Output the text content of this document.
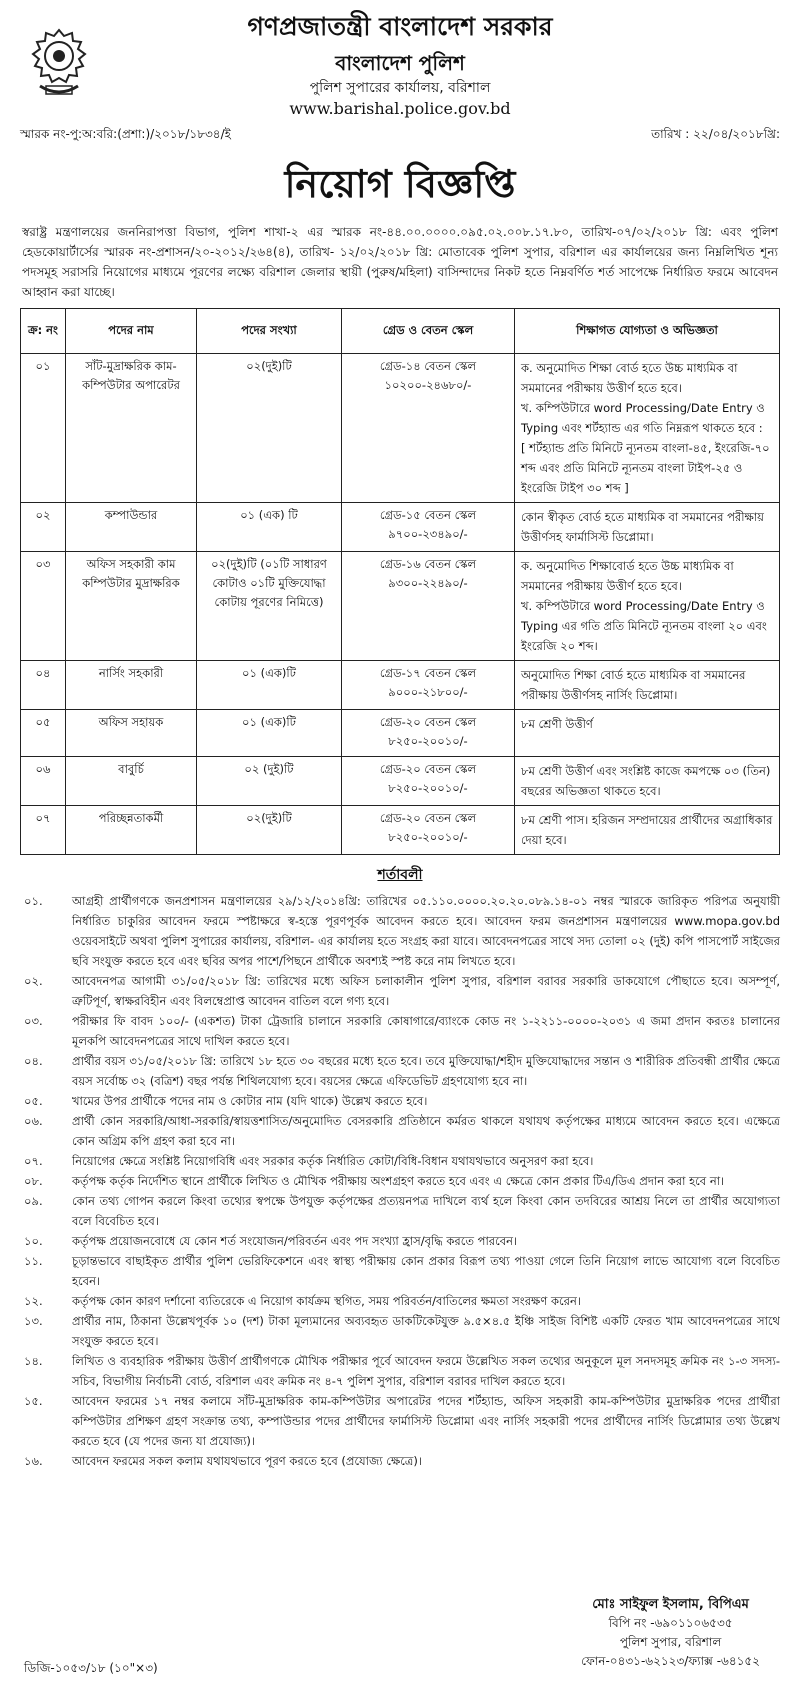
গণপ্রজাতন্ত্রী বাংলাদেশ সরকার
বাংলাদেশ পুলিশ
পুলিশ সুপারের কার্যালয়, বরিশাল
www.barishal.police.gov.bd
স্মারক নং-পু:অ:বরি:(প্রশা:)/২০১৮/১৮৩৪/ই	তারিখ : ২২/০৪/২০১৮খ্রি:
নিয়োগ বিজ্ঞপ্তি
স্বরাষ্ট্র মন্ত্রণালয়ের জননিরাপত্তা বিভাগ, পুলিশ শাখা-২ এর স্মারক নং-৪৪.০০.০০০০.০৯৫.০২.০০৮.১৭.৮০, তারিখ-০৭/০২/২০১৮ খ্রি: এবং পুলিশ হেডকোয়ার্টার্সের স্মারক নং-প্রশাসন/২০-২০১২/২৬৪(৪), তারিখ- ১২/০২/২০১৮ খ্রি: মোতাবেক পুলিশ সুপার, বরিশাল এর কার্যালয়ের জন্য নিম্নলিখিত শূন্য পদসমূহ সরাসরি নিয়োগের মাধ্যমে পূরণের লক্ষ্যে বরিশাল জেলার স্থায়ী (পুরুষ/মহিলা) বাসিন্দাদের নিকট হতে নিম্নবর্ণিত শর্ত সাপেক্ষে নির্ধারিত ফরমে আবেদন আহ্বান করা যাচ্ছে।
ক্র: নং	পদের নাম	পদের সংখ্যা	গ্রেড ও বেতন স্কেল	শিক্ষাগত যোগ্যতা ও অভিজ্ঞতা
০১	সাঁট-মুদ্রাক্ষরিক কাম-কম্পিউটার অপারেটর	০২(দুই)টি	গ্রেড-১৪ বেতন স্কেল ১০২০০-২৪৬৮০/-	ক. অনুমোদিত শিক্ষা বোর্ড হতে উচ্চ মাধ্যমিক বা সমমানের পরীক্ষায় উত্তীর্ণ হতে হবে।

খ. কম্পিউটারে word Processing/Date Entry ও Typing এবং শর্টহ্যান্ড এর গতি নিম্নরূপ থাকতে হবে :

[ শর্টহ্যান্ড প্রতি মিনিটে ন্যূনতম বাংলা-৪৫, ইংরেজি-৭০ শব্দ এবং প্রতি মিনিটে ন্যূনতম বাংলা টাইপ-২৫ ও ইংরেজি টাইপ ৩০ শব্দ ]

০২	কম্পাউন্ডার	০১ (এক) টি	গ্রেড-১৫ বেতন স্কেল ৯৭০০-২৩৪৯০/-	কোন স্বীকৃত বোর্ড হতে মাধ্যমিক বা সমমানের পরীক্ষায় উত্তীর্ণসহ ফার্মাসিস্ট ডিপ্লোমা।

০৩	অফিস সহকারী কাম কম্পিউটার মুদ্রাক্ষরিক	০২(দুই)টি (০১টি সাধারণ কোটাও ০১টি মুক্তিযোদ্ধা কোটায় পূরণের নিমিত্তে)	গ্রেড-১৬ বেতন স্কেল ৯৩০০-২২৪৯০/-	ক. অনুমোদিত শিক্ষাবোর্ড হতে উচ্চ মাধ্যমিক বা সমমানের পরীক্ষায় উত্তীর্ণ হতে হবে।

খ. কম্পিউটারে word Processing/Date Entry ও Typing এর গতি প্রতি মিনিটে ন্যূনতম বাংলা ২০ এবং ইংরেজি ২০ শব্দ।

০৪	নার্সিং সহকারী	০১ (এক)টি	গ্রেড-১৭ বেতন স্কেল ৯০০০-২১৮০০/-	অনুমোদিত শিক্ষা বোর্ড হতে মাধ্যমিক বা সমমানের পরীক্ষায় উত্তীর্ণসহ নার্সিং ডিপ্লোমা।

০৫	অফিস সহায়ক	০১ (এক)টি	গ্রেড-২০ বেতন স্কেল ৮২৫০-২০০১০/-	৮ম শ্রেণী উত্তীর্ণ

০৬	বাবুর্চি	০২ (দুই)টি	গ্রেড-২০ বেতন স্কেল ৮২৫০-২০০১০/-	৮ম শ্রেণী উত্তীর্ণ এবং সংশ্লিষ্ট কাজে কমপক্ষে ০৩ (তিন) বছরের অভিজ্ঞতা থাকতে হবে।

০৭	পরিচ্ছন্নতাকর্মী	০২(দুই)টি	গ্রেড-২০ বেতন স্কেল ৮২৫০-২০০১০/-	৮ম শ্রেণী পাস। হরিজন সম্প্রদায়ের প্রার্থীদের অগ্রাধিকার দেয়া হবে।

শর্তাবলী
০১.	আগ্রহী প্রার্থীগণকে জনপ্রশাসন মন্ত্রণালয়ের ২৯/১২/২০১৪খ্রি: তারিখের ০৫.১১০.০০০০.২০.২০.০৮৯.১৪-০১ নম্বর স্মারকে জারিকৃত পরিপত্র অনুযায়ী নির্ধারিত চাকুরির আবেদন ফরমে স্পষ্টাক্ষরে স্ব-হস্তে পূরণপূর্বক আবেদন করতে হবে। আবেদন ফরম জনপ্রশাসন মন্ত্রণালয়ের www.mopa.gov.bd ওয়েবসাইটে অথবা পুলিশ সুপারের কার্যালয়, বরিশাল- এর কার্যালয় হতে সংগ্রহ করা যাবে। আবেদনপত্রের সাথে সদ্য তোলা ০২ (দুই) কপি পাসপোর্ট সাইজের ছবি সংযুক্ত করতে হবে এবং ছবির অপর পাশে/পিছনে প্রার্থীকে অবশ্যই স্পষ্ট করে নাম লিখতে হবে।
০২.	আবেদনপত্র আগামী ৩১/০৫/২০১৮ খ্রি: তারিখের মধ্যে অফিস চলাকালীন পুলিশ সুপার, বরিশাল বরাবর সরকারি ডাকযোগে পৌছাতে হবে। অসম্পূর্ণ, ত্রুটিপূর্ণ, স্বাক্ষরবিহীন এবং বিলম্বেপ্রাপ্ত আবেদন বাতিল বলে গণ্য হবে।
০৩.	পরীক্ষার ফি বাবদ ১০০/- (একশত) টাকা ট্রেজারি চালানে সরকারি কোষাগারে/ব্যাংকে কোড নং ১-২২১১-০০০০-২০৩১ এ জমা প্রদান করতঃ চালানের মূলকপি আবেদনপত্রের সাথে দাখিল করতে হবে।
০৪.	প্রার্থীর বয়স ৩১/০৫/২০১৮ খ্রি: তারিখে ১৮ হতে ৩০ বছরের মধ্যে হতে হবে। তবে মুক্তিযোদ্ধা/শহীদ মুক্তিযোদ্ধাদের সন্তান ও শারীরিক প্রতিবন্ধী প্রার্থীর ক্ষেত্রে বয়স সর্বোচ্চ ৩২ (বত্রিশ) বছর পর্যন্ত শিথিলযোগ্য হবে। বয়সের ক্ষেত্রে এফিডেভিট গ্রহণযোগ্য হবে না।
০৫.	খামের উপর প্রার্থীকে পদের নাম ও কোটার নাম (যদি থাকে) উল্লেখ করতে হবে।
০৬.	প্রার্থী কোন সরকারি/আধা-সরকারি/স্বায়ত্তশাসিত/অনুমোদিত বেসরকারি প্রতিষ্ঠানে কর্মরত থাকলে যথাযথ কর্তৃপক্ষের মাধ্যমে আবেদন করতে হবে। এক্ষেত্রে কোন অগ্রিম কপি গ্রহণ করা হবে না।
০৭.	নিয়োগের ক্ষেত্রে সংশ্লিষ্ট নিয়োগবিধি এবং সরকার কর্তৃক নির্ধারিত কোটা/বিধি-বিধান যথাযথভাবে অনুসরণ করা হবে।
০৮.	কর্তৃপক্ষ কর্তৃক নির্দেশিত স্থানে প্রার্থীকে লিখিত ও মৌখিক পরীক্ষায় অংশগ্রহণ করতে হবে এবং এ ক্ষেত্রে কোন প্রকার টিএ/ডিএ প্রদান করা হবে না।
০৯.	কোন তথ্য গোপন করলে কিংবা তথ্যের স্বপক্ষে উপযুক্ত কর্তৃপক্ষের প্রত্যয়নপত্র দাখিলে ব্যর্থ হলে কিংবা কোন তদবিরের আশ্রয় নিলে তা প্রার্থীর অযোগ্যতা বলে বিবেচিত হবে।
১০.	কর্তৃপক্ষ প্রয়োজনবোধে যে কোন শর্ত সংযোজন/পরিবর্তন এবং পদ সংখ্যা হ্রাস/বৃদ্ধি করতে পারবেন।
১১.	চূড়ান্তভাবে বাছাইকৃত প্রার্থীর পুলিশ ভেরিফিকেশনে এবং স্বাস্থ্য পরীক্ষায় কোন প্রকার বিরূপ তথ্য পাওয়া গেলে তিনি নিয়োগ লাভে আযোগ্য বলে বিবেচিত হবেন।
১২.	কর্তৃপক্ষ কোন কারণ দর্শানো ব্যতিরেকে এ নিয়োগ কার্যক্রম স্থগিত, সময় পরিবর্তন/বাতিলের ক্ষমতা সংরক্ষণ করেন।
১৩.	প্রার্থীর নাম, ঠিকানা উল্লেখপূর্বক ১০ (দশ) টাকা মূল্যমানের অব্যবহৃত ডাকটিকেটযুক্ত ৯.৫×৪.৫ ইঞ্চি সাইজ বিশিষ্ট একটি ফেরত খাম আবেদনপত্রের সাথে সংযুক্ত করতে হবে।
১৪.	লিখিত ও ব্যবহারিক পরীক্ষায় উত্তীর্ণ প্রার্থীগণকে মৌখিক পরীক্ষার পূর্বে আবেদন ফরমে উল্লেখিত সকল তথ্যের অনুকূলে মূল সনদসমূহ ক্রমিক নং ১-৩ সদস্য-সচিব, বিভাগীয় নির্বাচনী বোর্ড, বরিশাল এবং ক্রমিক নং ৪-৭ পুলিশ সুপার, বরিশাল বরাবর দাখিল করতে হবে।
১৫.	আবেদন ফরমের ১৭ নম্বর কলামে সাঁট-মুদ্রাক্ষরিক কাম-কম্পিউটার অপারেটর পদের শর্টহ্যান্ড, অফিস সহকারী কাম-কম্পিউটার মুদ্রাক্ষরিক পদের প্রার্থীরা কম্পিউটার প্রশিক্ষণ গ্রহণ সংক্রান্ত তথ্য, কম্পাউন্ডার পদের প্রার্থীদের ফার্মাসিস্ট ডিপ্লোমা এবং নার্সিং সহকারী পদের প্রার্থীদের নার্সিং ডিপ্লোমার তথ্য উল্লেখ করতে হবে (যে পদের জন্য যা প্রযোজ্য)।
১৬.	আবেদন ফরমের সকল কলাম যথাযথভাবে পূরণ করতে হবে (প্রযোজ্য ক্ষেত্রে)।
মোঃ সাইফুল ইসলাম, বিপিএম
বিপি নং -৬৯০১১০৬৫৩৫
পুলিশ সুপার, বরিশাল
ফোন-০৪৩১-৬২১২৩/ফ্যাক্স -৬৪১৫২
ডিজি-১০৫৩/১৮ (১০"×৩)
